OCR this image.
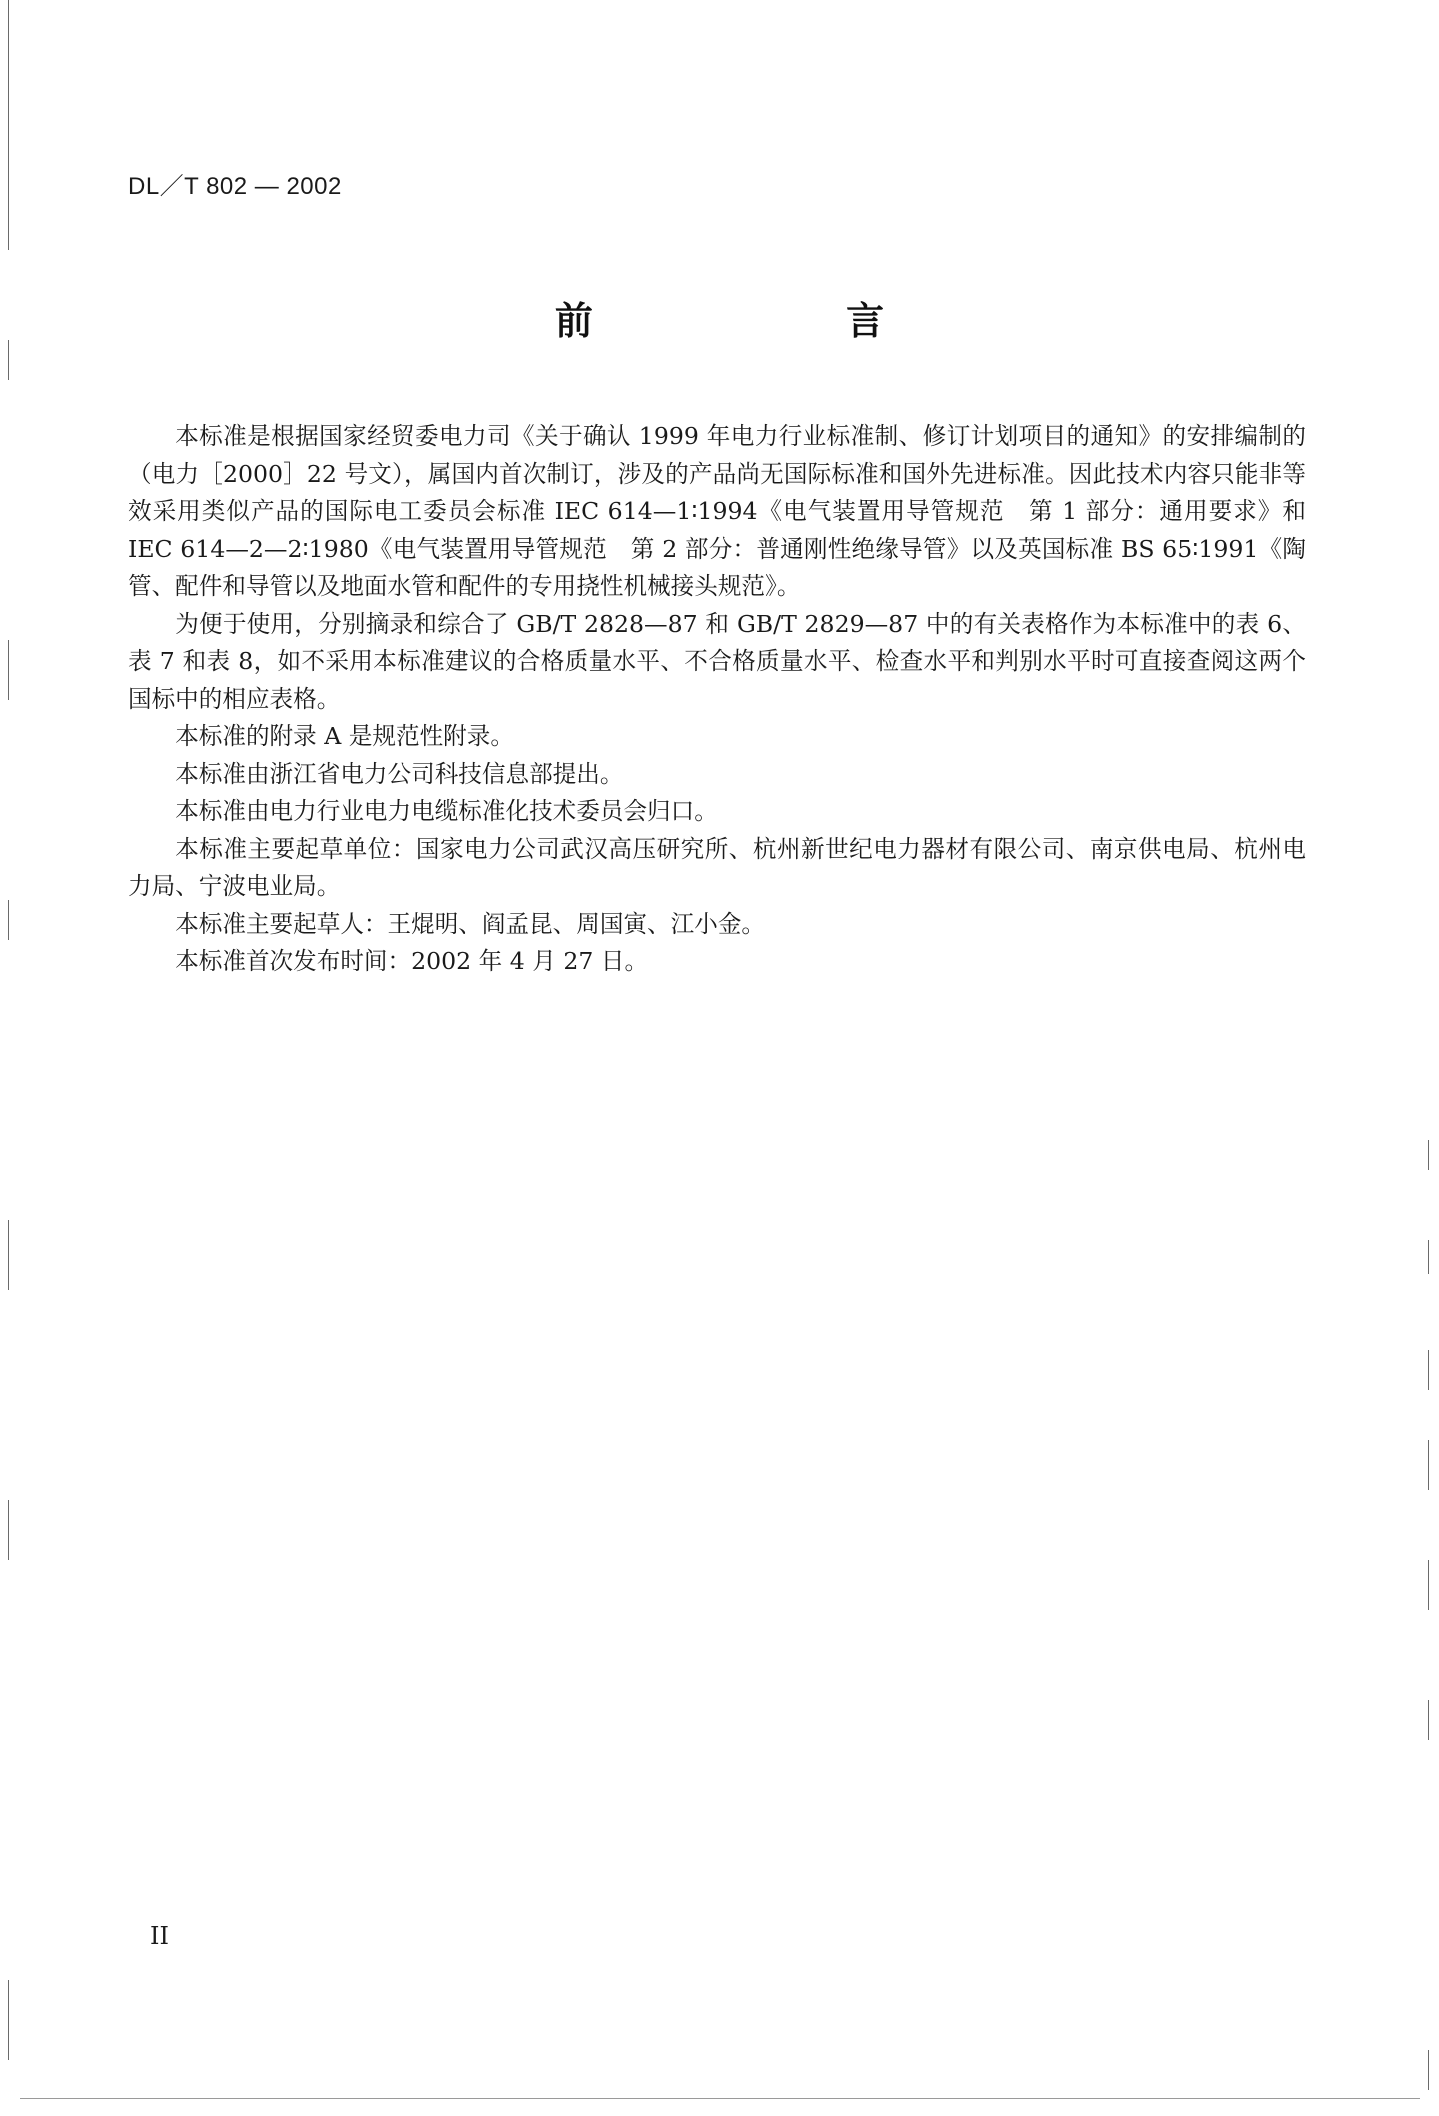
DL／T 802 — 2002
前 言

本标准是根据国家经贸委电力司《关于确认 1999 年电力行业标准制、修订计划项目的通知》的安排编制的（电力［2000］22 号文），属国内首次制订，涉及的产品尚无国际标准和国外先进标准。因此技术内容只能非等效采用类似产品的国际电工委员会标准 IEC 614—1∶1994《电气装置用导管规范　第 1 部分：通用要求》和 IEC 614—2—2∶1980《电气装置用导管规范　第 2 部分：普通刚性绝缘导管》以及英国标准 BS 65∶1991《陶管、配件和导管以及地面水管和配件的专用挠性机械接头规范》。

为便于使用，分别摘录和综合了 GB/T 2828—87 和 GB/T 2829—87 中的有关表格作为本标准中的表 6、表 7 和表 8，如不采用本标准建议的合格质量水平、不合格质量水平、检查水平和判别水平时可直接查阅这两个国标中的相应表格。

本标准的附录 A 是规范性附录。

本标准由浙江省电力公司科技信息部提出。

本标准由电力行业电力电缆标准化技术委员会归口。

本标准主要起草单位：国家电力公司武汉高压研究所、杭州新世纪电力器材有限公司、南京供电局、杭州电力局、宁波电业局。

本标准主要起草人：王焜明、阎孟昆、周国寅、江小金。

本标准首次发布时间：2002 年 4 月 27 日。

II
